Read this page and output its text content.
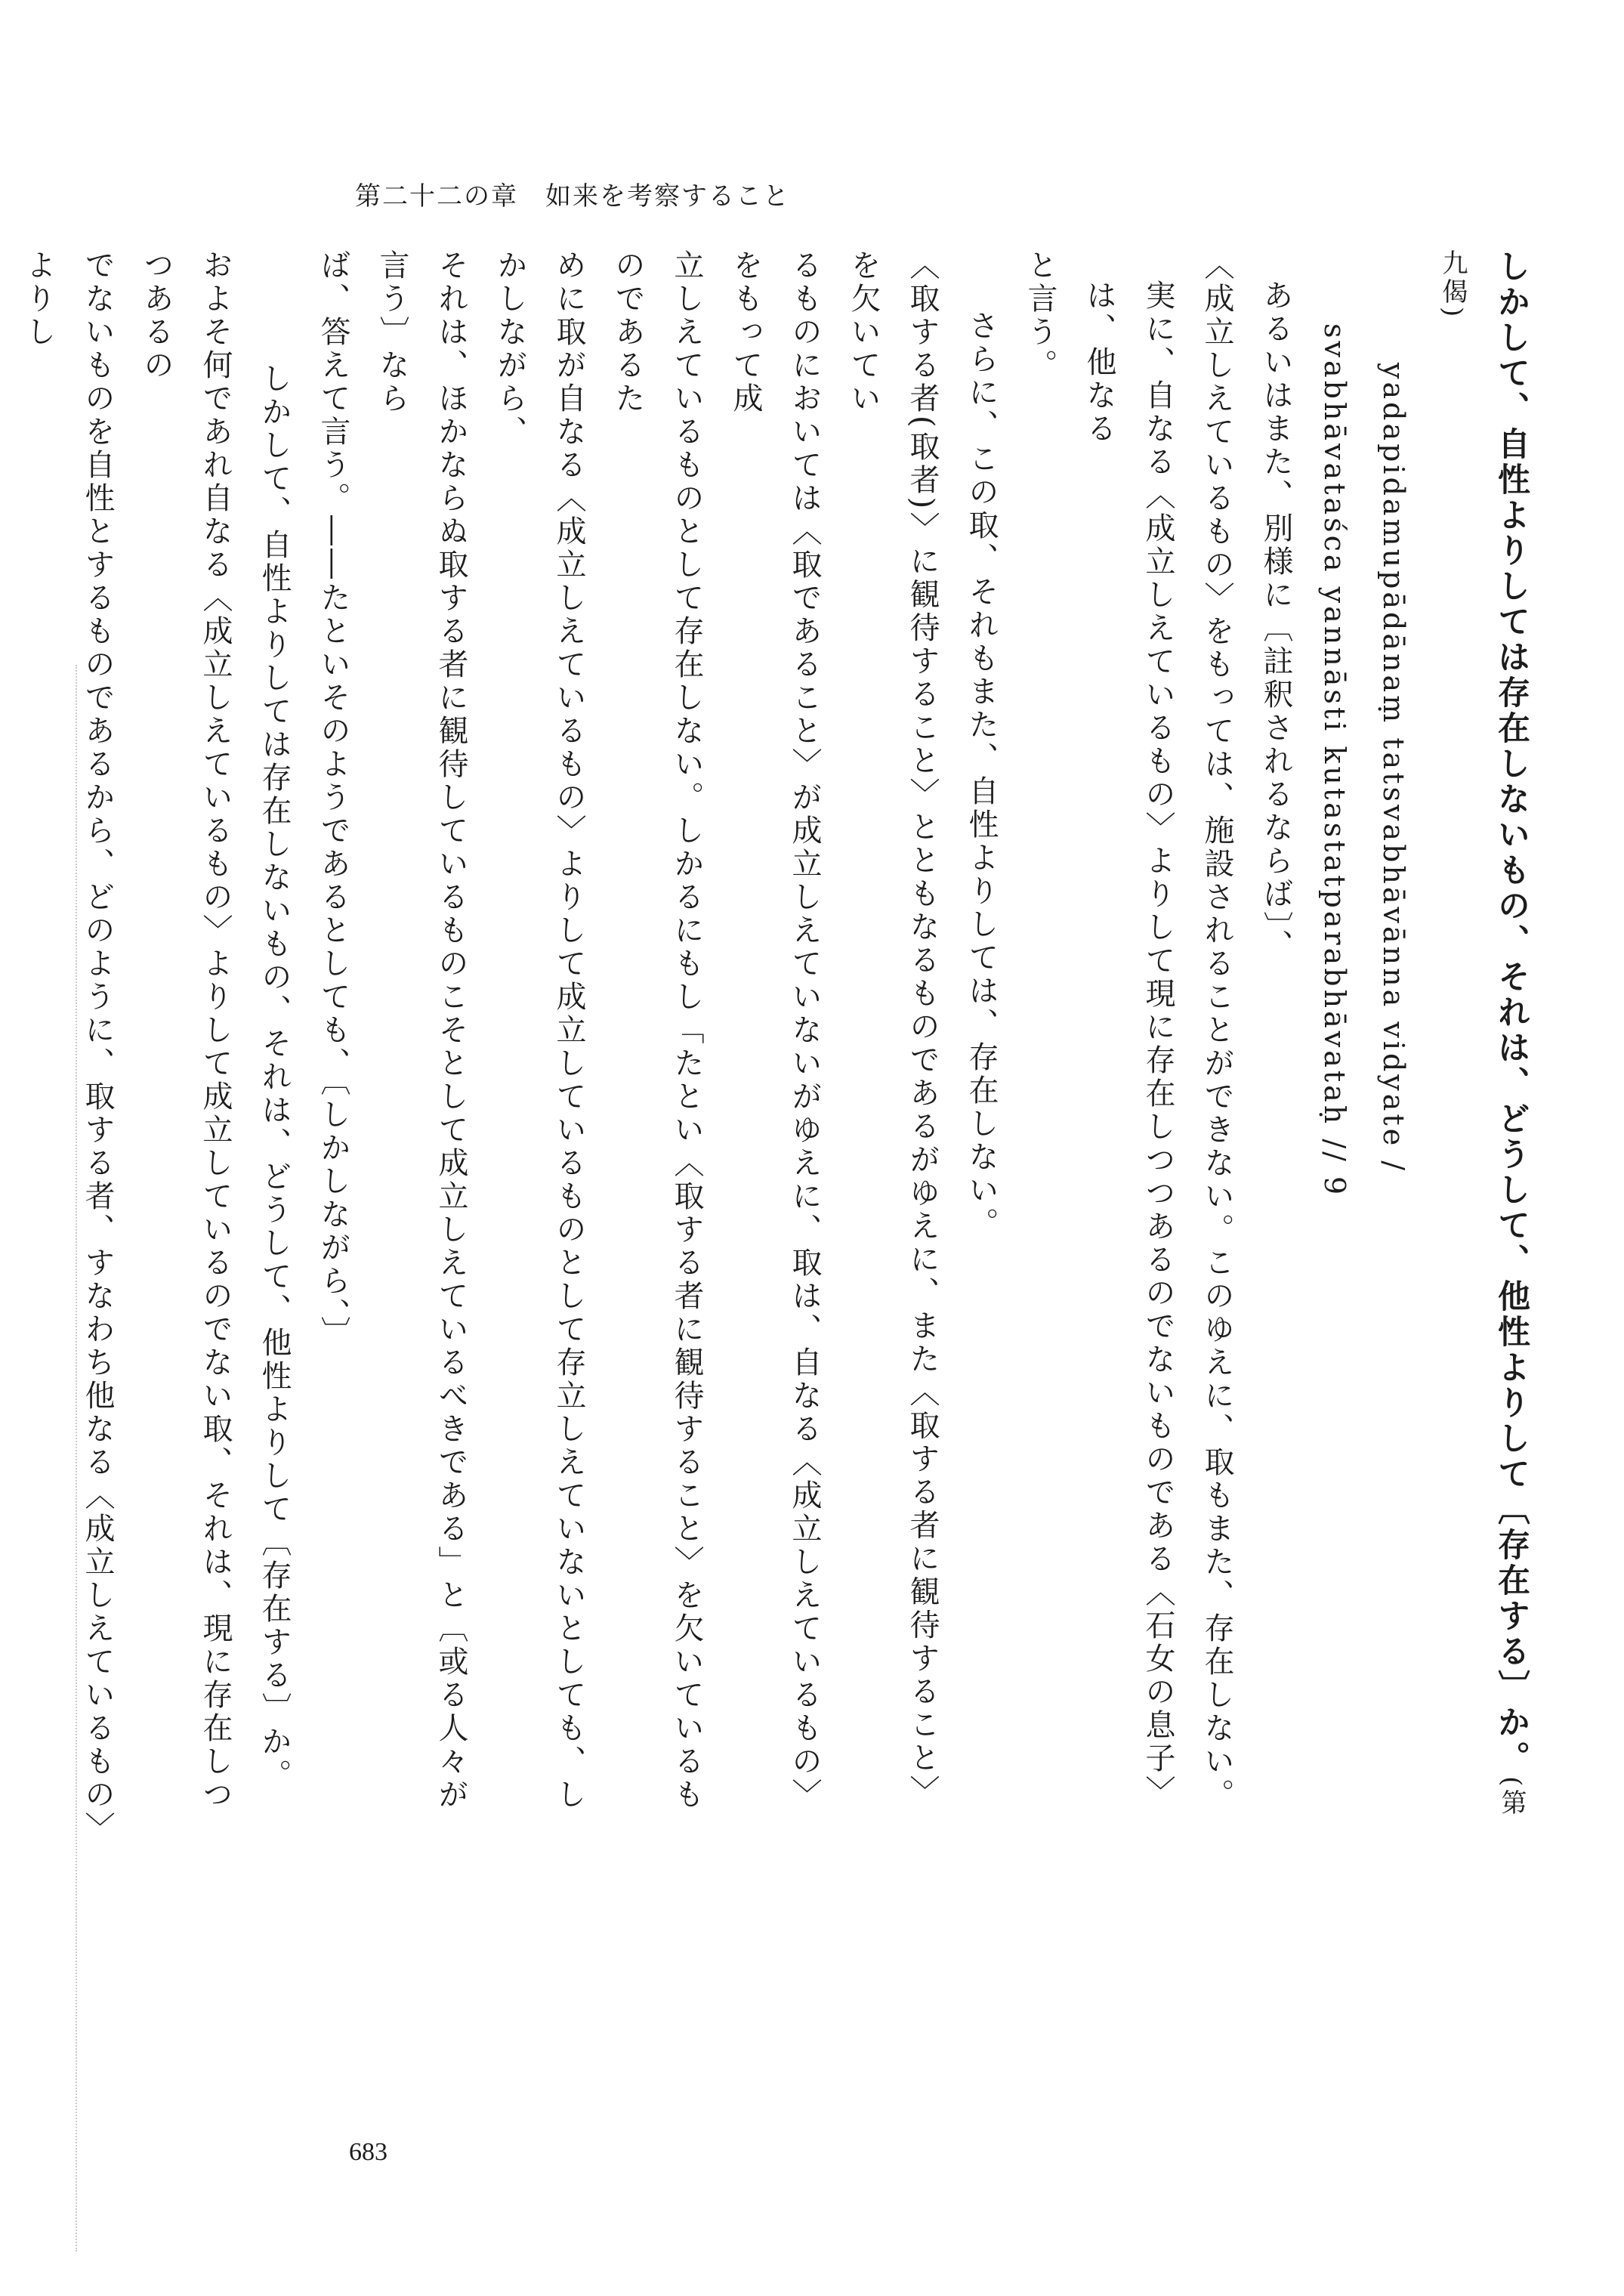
第二十二の章　如来を考察すること

しかして、自性よりしては存在しないもの、それは、どうして、他性よりして〔存在する〕か。(第九偈)

yadapidamupādānaṃ tatsvabhāvānna vidyate /

svabhāvataśca yannāsti kutastatparabhāvataḥ // 9

あるいはまた、別様に〔註釈されるならば〕、

〈成立しえているもの〉をもっては、施設されることができない。このゆえに、取もまた、存在しない。

実に、自なる〈成立しえているもの〉よりして現に存在しつつあるのでないものである〈石女の息子〉は、他なる

と言う。

さらに、この取、それもまた、自性よりしては、存在しない。

〈取する者(取者)〉に観待すること〉とともなるものであるがゆえに、また〈取する者に観待すること〉を欠いてい

るものにおいては〈取であること〉が成立しえていないがゆえに、取は、自なる〈成立しえているもの〉をもって成

立しえているものとして存在しない。しかるにもし「たとい〈取する者に観待すること〉を欠いているものであるた

めに取が自なる〈成立しえているもの〉よりして成立しているものとして存立しえていないとしても、しかしながら、

それは、ほかならぬ取する者に観待しているものこそとして成立しえているべきである」と〔或る人々が言う〕なら

ば、答えて言う。――たといそのようであるとしても、〔しかしながら、〕

しかして、自性よりしては存在しないもの、それは、どうして、他性よりして〔存在する〕か。

およそ何であれ自なる〈成立しえているもの〉よりして成立しているのでない取、それは、現に存在しつつあるの

でないものを自性とするものであるから、どのように、取する者、すなわち他なる〈成立しえているもの〉よりし

683
